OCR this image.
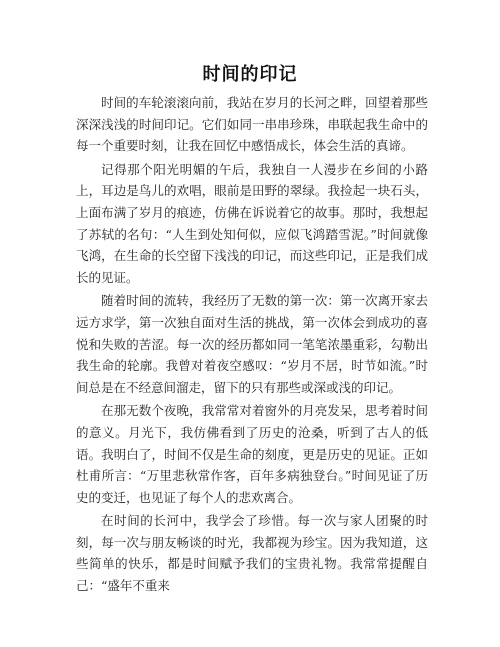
时间的印记

时间的车轮滚滚向前，我站在岁月的长河之畔，回望着那些深深浅浅的时间印记。它们如同一串串珍珠，串联起我生命中的每一个重要时刻，让我在回忆中感悟成长，体会生活的真谛。

记得那个阳光明媚的午后，我独自一人漫步在乡间的小路上，耳边是鸟儿的欢唱，眼前是田野的翠绿。我捡起一块石头，上面布满了岁月的痕迹，仿佛在诉说着它的故事。那时，我想起了苏轼的名句：“人生到处知何似，应似飞鸿踏雪泥。”时间就像飞鸿，在生命的长空留下浅浅的印记，而这些印记，正是我们成长的见证。

随着时间的流转，我经历了无数的第一次：第一次离开家去远方求学，第一次独自面对生活的挑战，第一次体会到成功的喜悦和失败的苦涩。每一次的经历都如同一笔笔浓墨重彩，勾勒出我生命的轮廓。我曾对着夜空感叹：“岁月不居，时节如流。”时间总是在不经意间溜走，留下的只有那些或深或浅的印记。

在那无数个夜晚，我常常对着窗外的月亮发呆，思考着时间的意义。月光下，我仿佛看到了历史的沧桑，听到了古人的低语。我明白了，时间不仅是生命的刻度，更是历史的见证。正如杜甫所言：“万里悲秋常作客，百年多病独登台。”时间见证了历史的变迁，也见证了每个人的悲欢离合。

在时间的长河中，我学会了珍惜。每一次与家人团聚的时刻，每一次与朋友畅谈的时光，我都视为珍宝。因为我知道，这些简单的快乐，都是时间赋予我们的宝贵礼物。我常常提醒自己：“盛年不重来
